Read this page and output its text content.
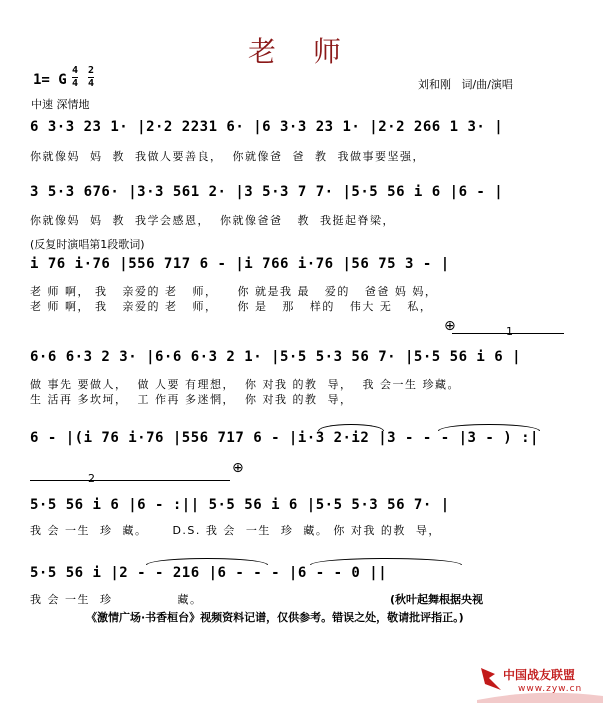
老 师
1= G
4
4
2
4
中速 深情地
刘和刚   词/曲/演唱
6 3·3 23 1· |2·2 2231 6· |6 3·3 23 1· |2·2 266 1 3· |
你就像妈  妈  教  我做人要善良，  你就像爸  爸  教  我做事要坚强，
3 5·3 676· |3·3 561 2· |3 5·3 7 7· |5·5 56 i 6 |6 - |
你就像妈  妈  教  我学会感恩，  你就像爸爸   教  我挺起脊梁，
(反复时演唱第1段歌词)
i 76 i·76 |556 717 6 - |i 766 i·76 |56 75 3 - |
老 师 啊， 我   亲爱的 老   师，    你 就是我 最   爱的   爸爸 妈 妈，
老 师 啊， 我   亲爱的 老   师，    你 是   那   样的   伟大 无   私，
⊕
6·6 6·3 2 3· |6·6 6·3 2 1· |5·5 5·3 56 7· |5·5 56 i 6 |
做 事先 要做人，  做 人要 有理想，  你 对我 的教  导，  我 会一生 珍藏。
生 活再 多坎坷，  工 作再 多迷惘，  你 对我 的教  导，
1
6 - |(i 76 i·76 |556 717 6 - |i·3 2·i2 |3 - - - |3 - ) :|
2
⊕
5·5 56 i 6 |6 - :|| 5·5 56 i 6 |5·5 5·3 56 7· |
我 会 一生  珍  藏。     D.S. 我 会  一生  珍  藏。 你 对我 的教  导，
5·5 56 i |2 - - 216 |6 - - - |6 - - 0 ||
我 会 一生  珍             藏。	(秋叶起舞根据央视
《激情广场·书香桓台》视频资料记谱，仅供参考。错误之处，敬请批评指正。)
中国战友联盟
www.zyw.cn
